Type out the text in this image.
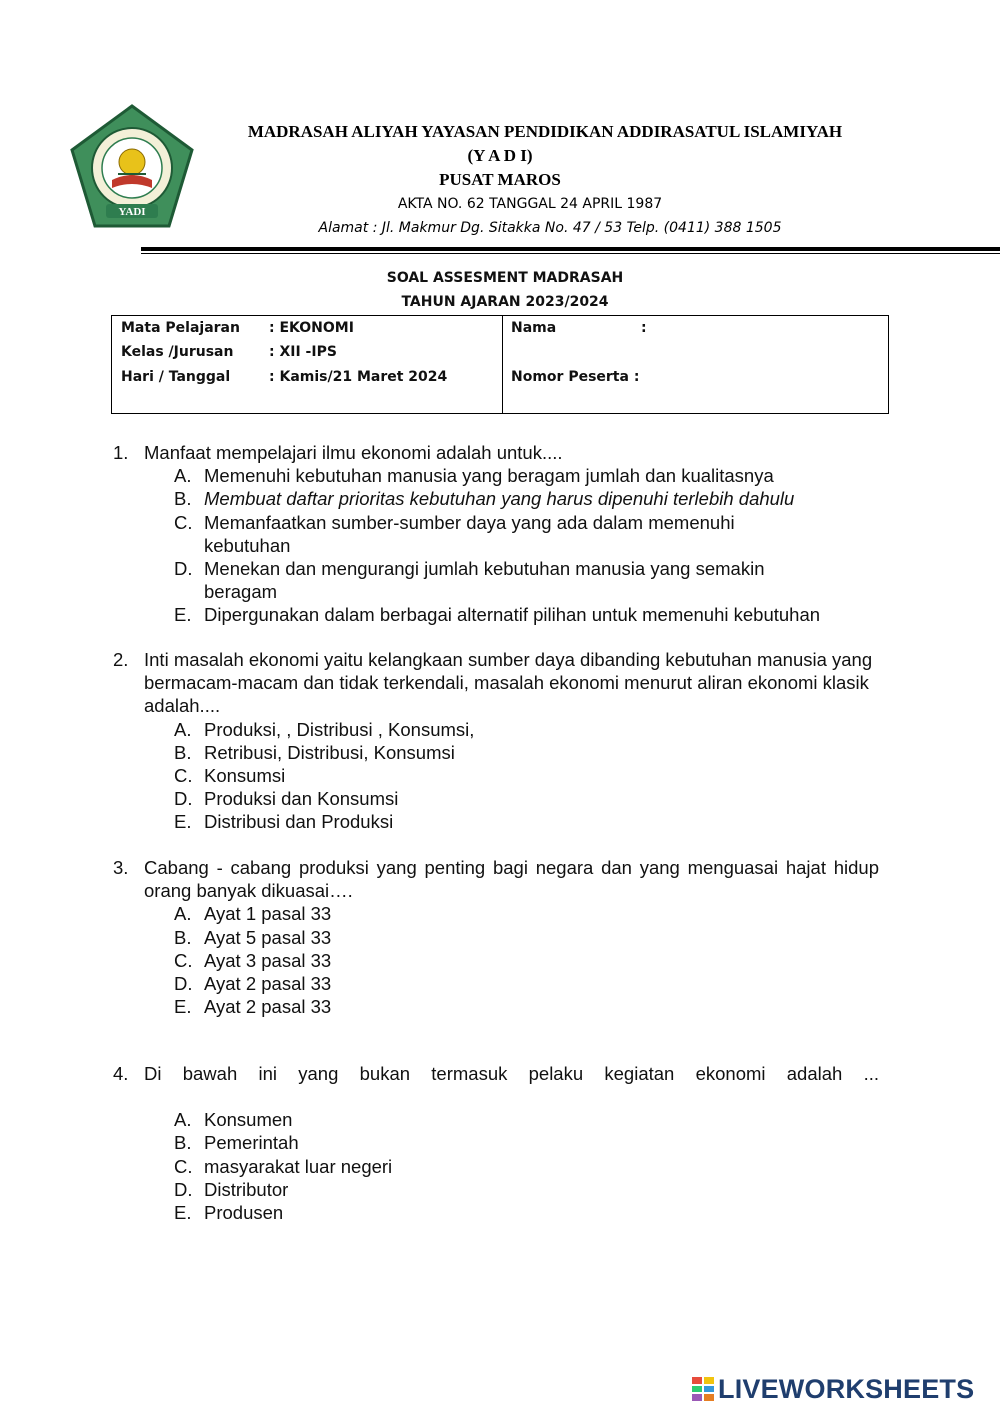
YADI
MADRASAH ALIYAH YAYASAN PENDIDIKAN ADDIRASATUL ISLAMIYAH
(Y A D I)
PUSAT MAROS
AKTA NO. 62 TANGGAL 24 APRIL 1987
Alamat : Jl. Makmur Dg. Sitakka No. 47 / 53 Telp. (0411) 388 1505
SOAL ASSESMENT MADRASAH
TAHUN AJARAN 2023/2024
Mata Pelajaran : EKONOMI
Kelas /Jurusan	: XII -IPS
Hari / Tanggal	: Kamis/21 Maret 2024
Nama	:
Nomor Peserta :
1. Manfaat mempelajari ilmu ekonomi adalah untuk....
A. Memenuhi kebutuhan manusia yang beragam jumlah dan kualitasnya
B. Membuat daftar prioritas kebutuhan yang harus dipenuhi terlebih dahulu
C. Memanfaatkan sumber-sumber daya yang ada dalam memenuhi kebutuhan
D. Menekan dan mengurangi jumlah kebutuhan manusia yang semakin beragam
E. Dipergunakan dalam berbagai alternatif pilihan untuk memenuhi kebutuhan
2. Inti masalah ekonomi yaitu kelangkaan sumber daya dibanding kebutuhan manusia yang bermacam-macam dan tidak terkendali, masalah ekonomi menurut aliran ekonomi klasik adalah....
A. Produksi, , Distribusi , Konsumsi,
B. Retribusi, Distribusi, Konsumsi
C. Konsumsi
D. Produksi dan Konsumsi
E. Distribusi dan Produksi
3. Cabang - cabang produksi yang penting bagi negara dan yang menguasai hajat hidup orang banyak dikuasai….
A. Ayat 1 pasal 33
B. Ayat 5 pasal 33
C. Ayat 3 pasal 33
D. Ayat 2 pasal 33
E. Ayat 2 pasal 33
4. Di bawah ini yang bukan termasuk pelaku kegiatan ekonomi adalah ...
A. Konsumen
B. Pemerintah
C. masyarakat luar negeri
D. Distributor
E. Produsen
LIVEWORKSHEETS
